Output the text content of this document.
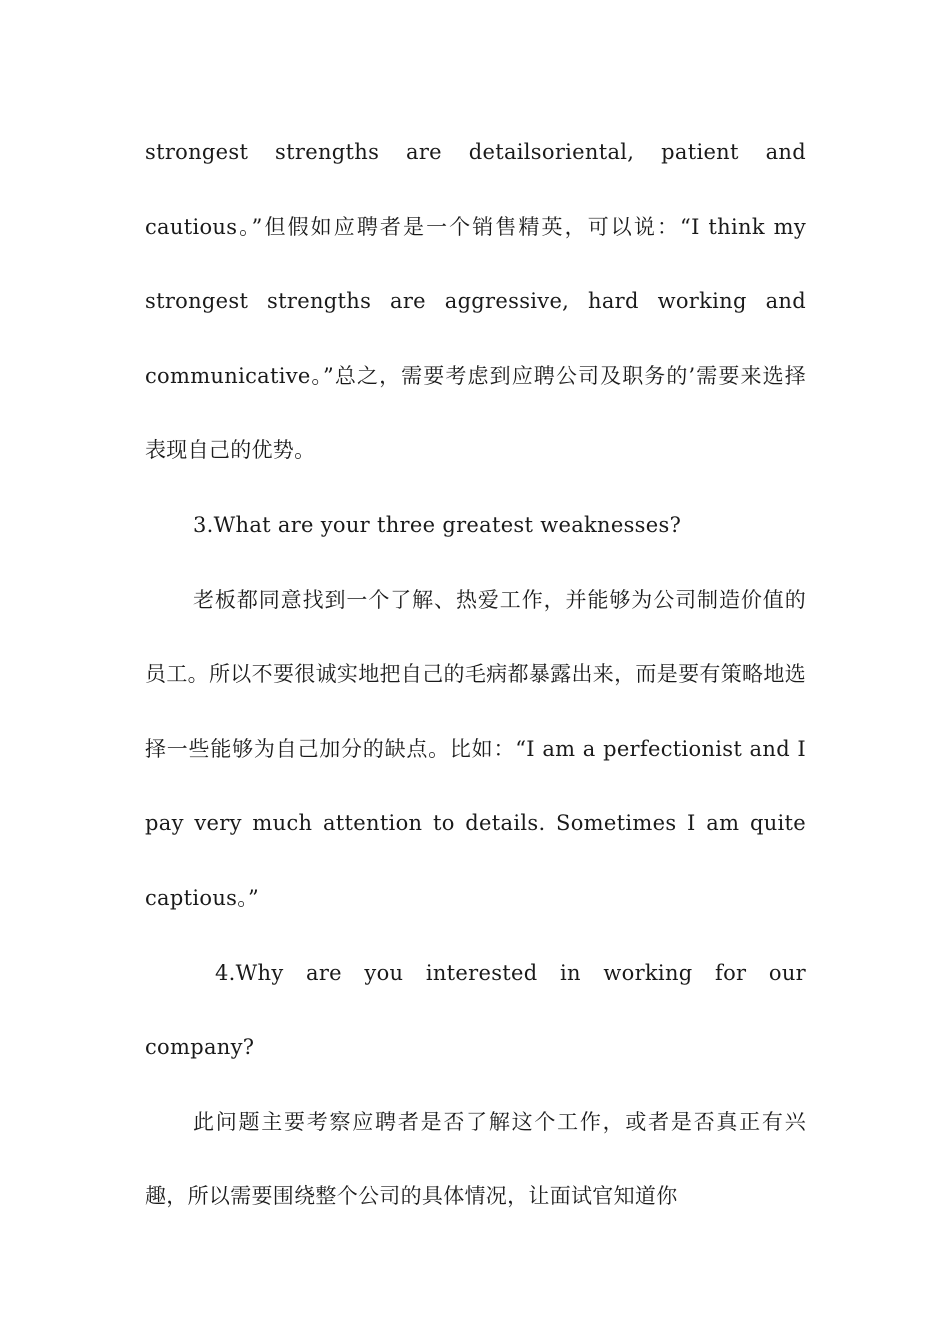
strongest strengths are detailsoriental, patient and cautious。”但假如应聘者是一个销售精英，可以说：“I think my strongest strengths are aggressive, hard working and communicative。”总之，需要考虑到应聘公司及职务的’需要来选择表现自己的优势。

3.What are your three greatest weaknesses?

老板都同意找到一个了解、热爱工作，并能够为公司制造价值的员工。所以不要很诚实地把自己的毛病都暴露出来，而是要有策略地选择一些能够为自己加分的缺点。比如：“I am a perfectionist and I pay very much attention to details. Sometimes I am quite captious。”

4.Why are you interested in working for our company?

此问题主要考察应聘者是否了解这个工作，或者是否真正有兴趣，所以需要围绕整个公司的具体情况，让面试官知道你
